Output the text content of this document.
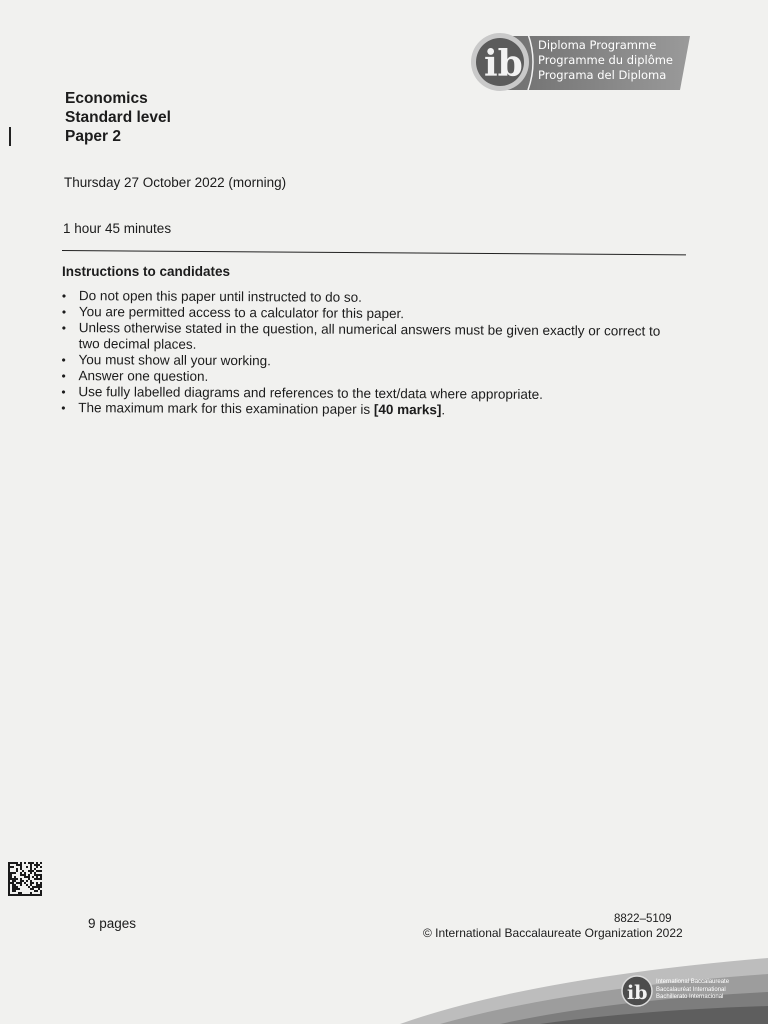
ib Diploma Programme
Programme du diplôme
Programa del Diploma
Economics
Standard level
Paper 2
Thursday 27 October 2022 (morning)
1 hour 45 minutes
Instructions to candidates
• Do not open this paper until instructed to do so.
• You are permitted access to a calculator for this paper.
• Unless otherwise stated in the question, all numerical answers must be given exactly or correct to two decimal places.
• You must show all your working.
• Answer one question.
• Use fully labelled diagrams and references to the text/data where appropriate.
• The maximum mark for this examination paper is [40 marks].
9 pages	8822–5109
© International Baccalaureate Organization 2022
ib International Baccalaureate
Baccalauréat International
Bachillerato Internacional
